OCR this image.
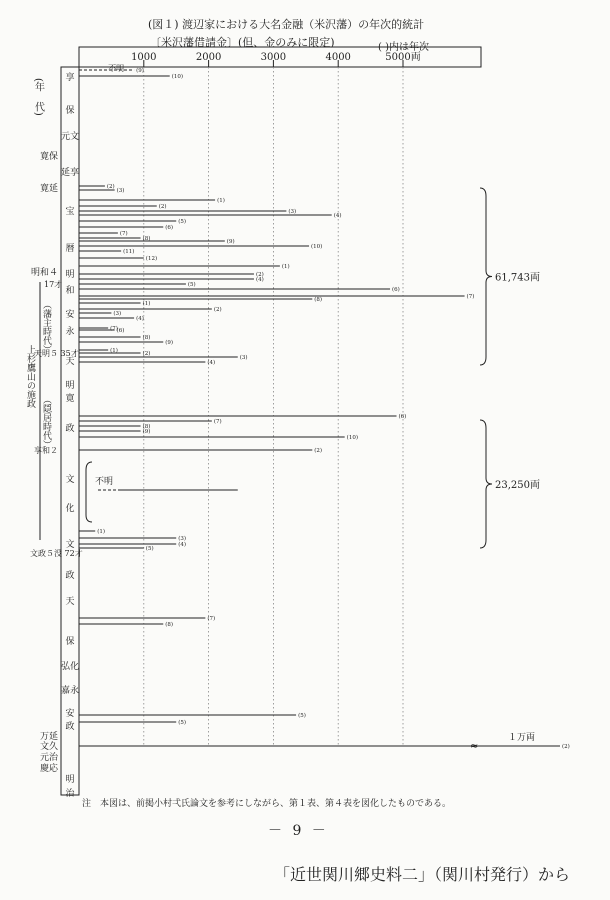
(図１) 渡辺家における大名金融（米沢藩）の年次的統計
〔米沢藩借請金〕(但、金のみに限定)	( )内は年次
1000	2000	3000	4000	5000両
(年　代) 享
保
元文
延享
宝
暦
明
和
安
永
天
明
寛
政
文
化
文
政
天
保
弘化
嘉永
安
政
明
治
寛保
寛延
明和４
万延
文久
元治
慶応
17才
（藩主時代）
天明５ 35才
上杉鷹山の施政
（隠居時代）
享和２
文政５没 72才
不明 (9)
(10)
(2)
(3)
(1)
(2)
(3)
(4)
(5)
(6)
(7)
(8)	(9)
(10)
(11)
(12)
(1)
(2)
(4)
(5)
(6)
(7)
(8)
(1)
(2)
(3)
(4)
(7)
(6)
(8)
(9)
(1)	(2)
(3)
(4)
(6)
(7)
(8)
(9)
(10)
(2)
不明
(1)
(3)
(4)
(5)
(7)
(8)
(5)
(5)
≈
１万両
(2)
61,743両
23,250両
注　本図は、前掲小村弌氏論文を参考にしながら、第１表、第４表を図化したものである。
－ 9 －
「近世関川郷史料二」（関川村発行）から
